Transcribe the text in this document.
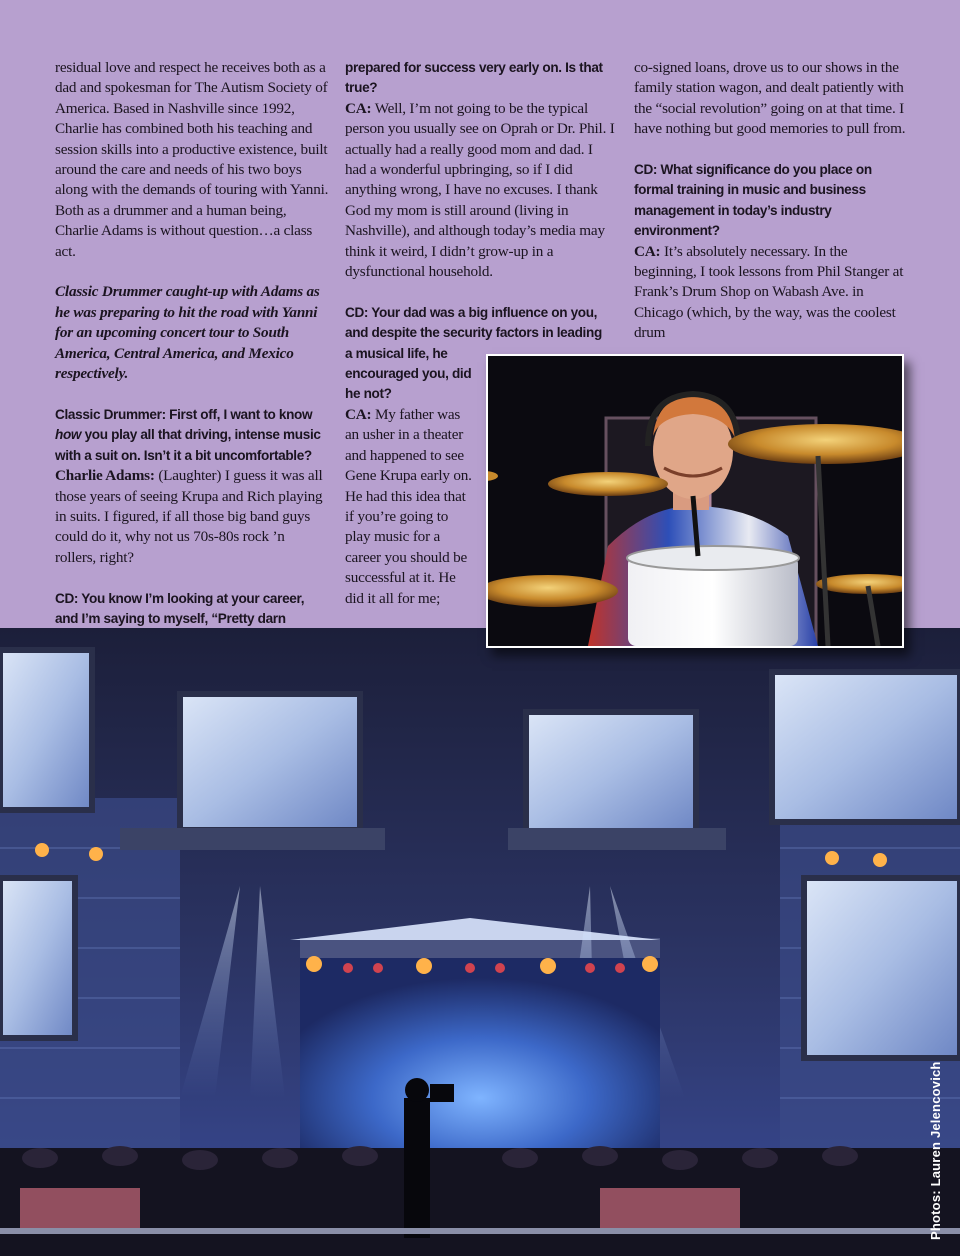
residual love and respect he receives both as a dad and spokesman for The Autism Society of America. Based in Nashville since 1992, Charlie has combined both his teaching and session skills into a productive existence, built around the care and needs of his two boys along with the demands of touring with Yanni. Both as a drummer and a human being, Charlie Adams is without question…a class act.

Classic Drummer caught-up with Adams as he was preparing to hit the road with Yanni for an upcoming concert tour to South America, Central America, and Mexico respectively.

Classic Drummer: First off, I want to know how you play all that driving, intense music with a suit on. Isn’t it a bit uncomfortable?
Charlie Adams: (Laughter) I guess it was all those years of seeing Krupa and Rich playing in suits. I figured, if all those big band guys could do it, why not us 70s-80s rock ’n rollers, right?

CD: You know I’m looking at your career, and I’m saying to myself, “Pretty darn

prepared for success very early on. Is that true?
CA: Well, I’m not going to be the typical person you usually see on Oprah or Dr. Phil. I actually had a really good mom and dad. I had a wonderful upbringing, so if I did anything wrong, I have no excuses. I thank God my mom is still around (living in Nashville), and although today’s media may think it weird, I didn’t grow-up in a dysfunctional household.

CD: Your dad was a big influence on you, and despite the security factors in leading

a musical life, he encouraged you, did he not?
CA: My father was an usher in a theater and happened to see Gene Krupa early on. He had this idea that if you’re going to play music for a career you should be successful at it. He did it all for me;

co-signed loans, drove us to our shows in the family station wagon, and dealt patiently with the “social revolution” going on at that time. I have nothing but good memories to pull from.

CD: What significance do you place on formal training in music and business management in today’s industry environment?

CA: It’s absolutely necessary. In the beginning, I took lessons from Phil Stanger at Frank’s Drum Shop on Wabash Ave. in Chicago (which, by the way, was the coolest drum

Photos: Lauren Jelencovich
